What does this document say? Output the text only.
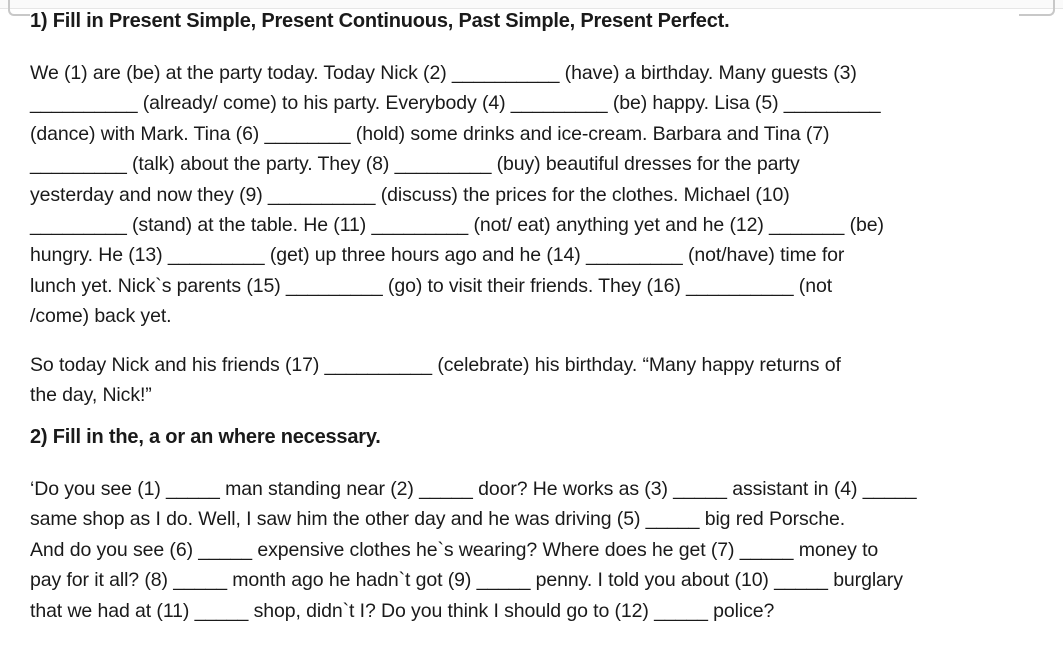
1) Fill in Present Simple, Present Continuous, Past Simple, Present Perfect.
We (1) are (be) at the party today. Today Nick (2) __________ (have) a birthday. Many guests (3)
__________ (already/ come) to his party. Everybody (4) _________ (be) happy. Lisa (5) _________
(dance) with Mark. Tina (6) ________ (hold) some drinks and ice-cream. Barbara and Tina (7)
_________ (talk) about the party. They (8) _________ (buy) beautiful dresses for the party
yesterday and now they (9) __________ (discuss) the prices for the clothes. Michael (10)
_________ (stand) at the table. He (11) _________ (not/ eat) anything yet and he (12) _______ (be)
hungry. He (13) _________ (get) up three hours ago and he (14) _________ (not/have) time for
lunch yet. Nick`s parents (15) _________ (go) to visit their friends. They (16) __________ (not
/come) back yet.
So today Nick and his friends (17) __________ (celebrate) his birthday. “Many happy returns of
the day, Nick!”
2) Fill in the, a or an where necessary.
‘Do you see (1) _____ man standing near (2) _____ door? He works as (3) _____ assistant in (4) _____
same shop as I do. Well, I saw him the other day and he was driving (5) _____ big red Porsche.
And do you see (6) _____ expensive clothes he`s wearing? Where does he get (7) _____ money to
pay for it all? (8) _____ month ago he hadn`t got (9) _____ penny. I told you about (10) _____ burglary
that we had at (11) _____ shop, didn`t I? Do you think I should go to (12) _____ police?
